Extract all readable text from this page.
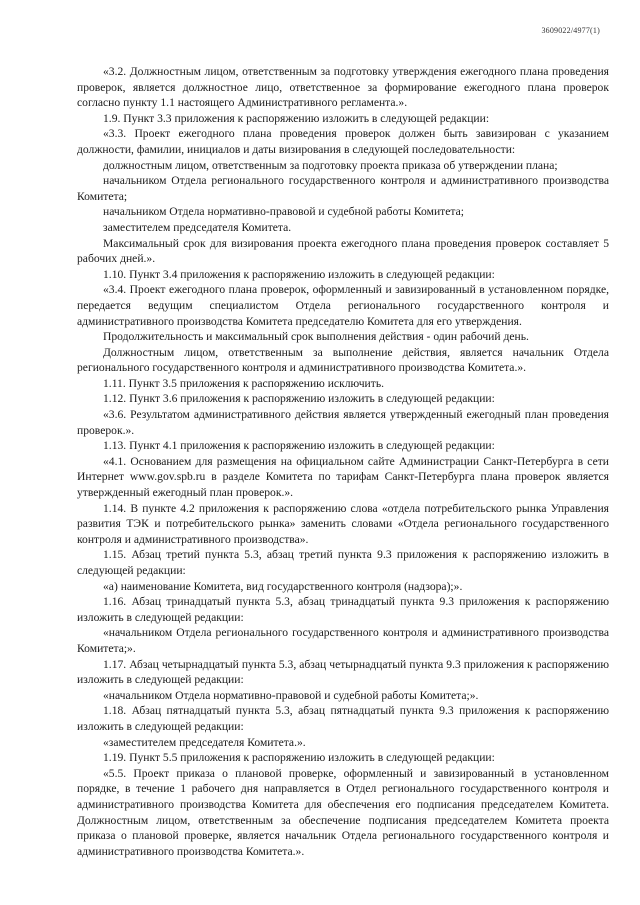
3609022/4977(1)

«3.2. Должностным лицом, ответственным за подготовку утверждения ежегодного плана проведения проверок, является должностное лицо, ответственное за формирование ежегодного плана проверок согласно пункту 1.1 настоящего Административного регламента.».

1.9. Пункт 3.3 приложения к распоряжению изложить в следующей редакции:

«3.3. Проект ежегодного плана проведения проверок должен быть завизирован с указанием должности, фамилии, инициалов и даты визирования в следующей последовательности:

должностным лицом, ответственным за подготовку проекта приказа об утверждении плана;

начальником Отдела регионального государственного контроля и административного производства Комитета;

начальником Отдела нормативно-правовой и судебной работы Комитета;

заместителем председателя Комитета.

Максимальный срок для визирования проекта ежегодного плана проведения проверок составляет 5 рабочих дней.».

1.10. Пункт 3.4 приложения к распоряжению изложить в следующей редакции:

«3.4. Проект ежегодного плана проверок, оформленный и завизированный в установленном порядке, передается ведущим специалистом Отдела регионального государственного контроля и административного производства Комитета председателю Комитета для его утверждения.

Продолжительность и максимальный срок выполнения действия - один рабочий день.

Должностным лицом, ответственным за выполнение действия, является начальник Отдела регионального государственного контроля и административного производства Комитета.».

1.11. Пункт 3.5 приложения к распоряжению исключить.

1.12. Пункт 3.6 приложения к распоряжению изложить в следующей редакции:

«3.6. Результатом административного действия является утвержденный ежегодный план проведения проверок.».

1.13. Пункт 4.1 приложения к распоряжению изложить в следующей редакции:

«4.1. Основанием для размещения на официальном сайте Администрации Санкт-Петербурга в сети Интернет www.gov.spb.ru в разделе Комитета по тарифам Санкт-Петербурга плана проверок является утвержденный ежегодный план проверок.».

1.14. В пункте 4.2 приложения к распоряжению слова «отдела потребительского рынка Управления развития ТЭК и потребительского рынка» заменить словами «Отдела регионального государственного контроля и административного производства».

1.15. Абзац третий пункта 5.3, абзац третий пункта 9.3 приложения к распоряжению изложить в следующей редакции:

«а) наименование Комитета, вид государственного контроля (надзора);».

1.16. Абзац тринадцатый пункта 5.3, абзац тринадцатый пункта 9.3 приложения к распоряжению изложить в следующей редакции:

«начальником Отдела регионального государственного контроля и административного производства Комитета;».

1.17. Абзац четырнадцатый пункта 5.3, абзац четырнадцатый пункта 9.3 приложения к распоряжению изложить в следующей редакции:

«начальником Отдела нормативно-правовой и судебной работы Комитета;».

1.18. Абзац пятнадцатый пункта 5.3, абзац пятнадцатый пункта 9.3 приложения к распоряжению изложить в следующей редакции:

«заместителем председателя Комитета.».

1.19. Пункт 5.5 приложения к распоряжению изложить в следующей редакции:

«5.5. Проект приказа о плановой проверке, оформленный и завизированный в установленном порядке, в течение 1 рабочего дня направляется в Отдел регионального государственного контроля и административного производства Комитета для обеспечения его подписания председателем Комитета. Должностным лицом, ответственным за обеспечение подписания председателем Комитета проекта приказа о плановой проверке, является начальник Отдела регионального государственного контроля и административного производства Комитета.».
